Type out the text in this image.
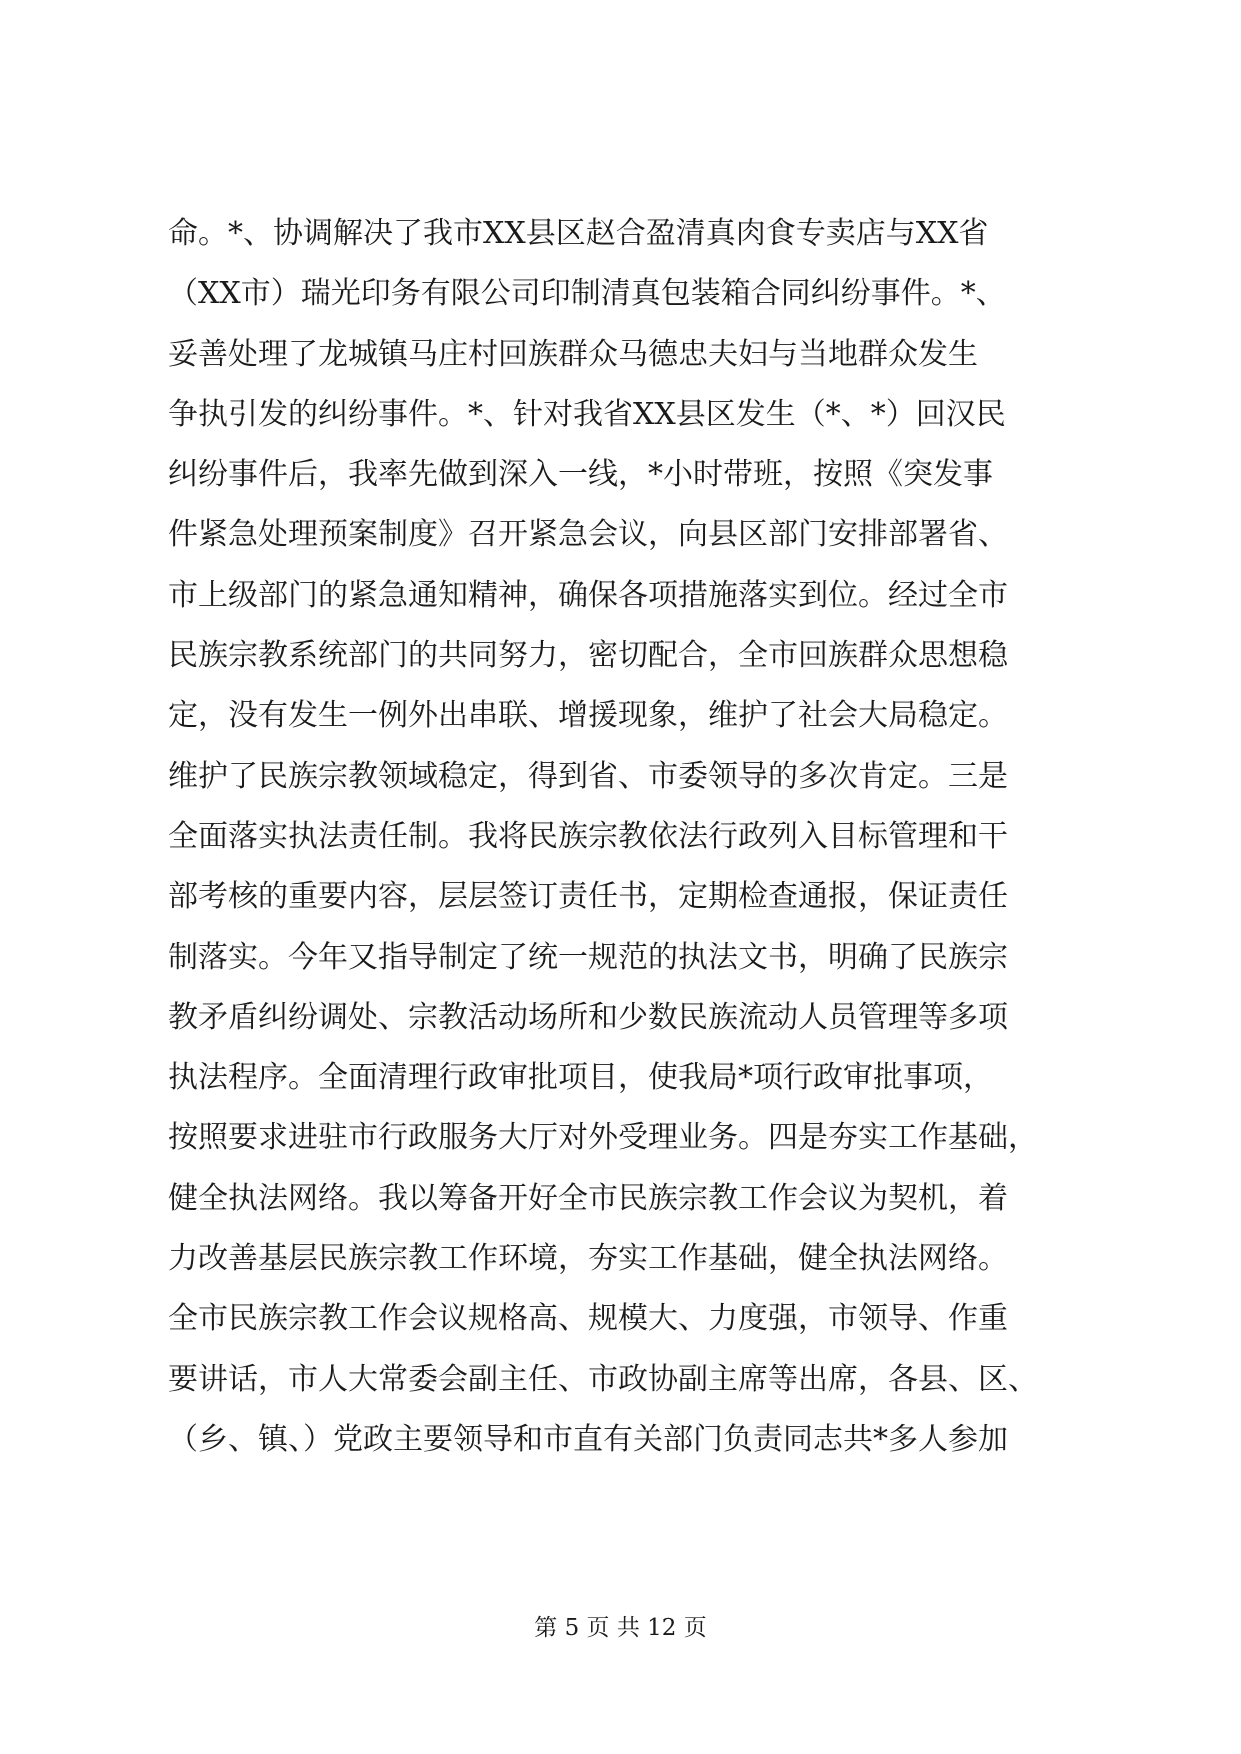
命。*、协调解决了我市XX县区赵合盈清真肉食专卖店与XX省
（XX市）瑞光印务有限公司印制清真包装箱合同纠纷事件。*、
妥善处理了龙城镇马庄村回族群众马德忠夫妇与当地群众发生
争执引发的纠纷事件。*、针对我省XX县区发生（*、*）回汉民
纠纷事件后，我率先做到深入一线，*小时带班，按照《突发事
件紧急处理预案制度》召开紧急会议，向县区部门安排部署省、
市上级部门的紧急通知精神，确保各项措施落实到位。经过全市
民族宗教系统部门的共同努力，密切配合，全市回族群众思想稳
定，没有发生一例外出串联、增援现象，维护了社会大局稳定。
维护了民族宗教领域稳定，得到省、市委领导的多次肯定。三是
全面落实执法责任制。我将民族宗教依法行政列入目标管理和干
部考核的重要内容，层层签订责任书，定期检查通报，保证责任
制落实。今年又指导制定了统一规范的执法文书，明确了民族宗
教矛盾纠纷调处、宗教活动场所和少数民族流动人员管理等多项
执法程序。全面清理行政审批项目，使我局*项行政审批事项，
按照要求进驻市行政服务大厅对外受理业务。四是夯实工作基础，
健全执法网络。我以筹备开好全市民族宗教工作会议为契机，着
力改善基层民族宗教工作环境，夯实工作基础，健全执法网络。
全市民族宗教工作会议规格高、规模大、力度强，市领导、作重
要讲话，市人大常委会副主任、市政协副主席等出席，各县、区、
（乡、镇、）党政主要领导和市直有关部门负责同志共*多人参加
第 5 页 共 12 页
